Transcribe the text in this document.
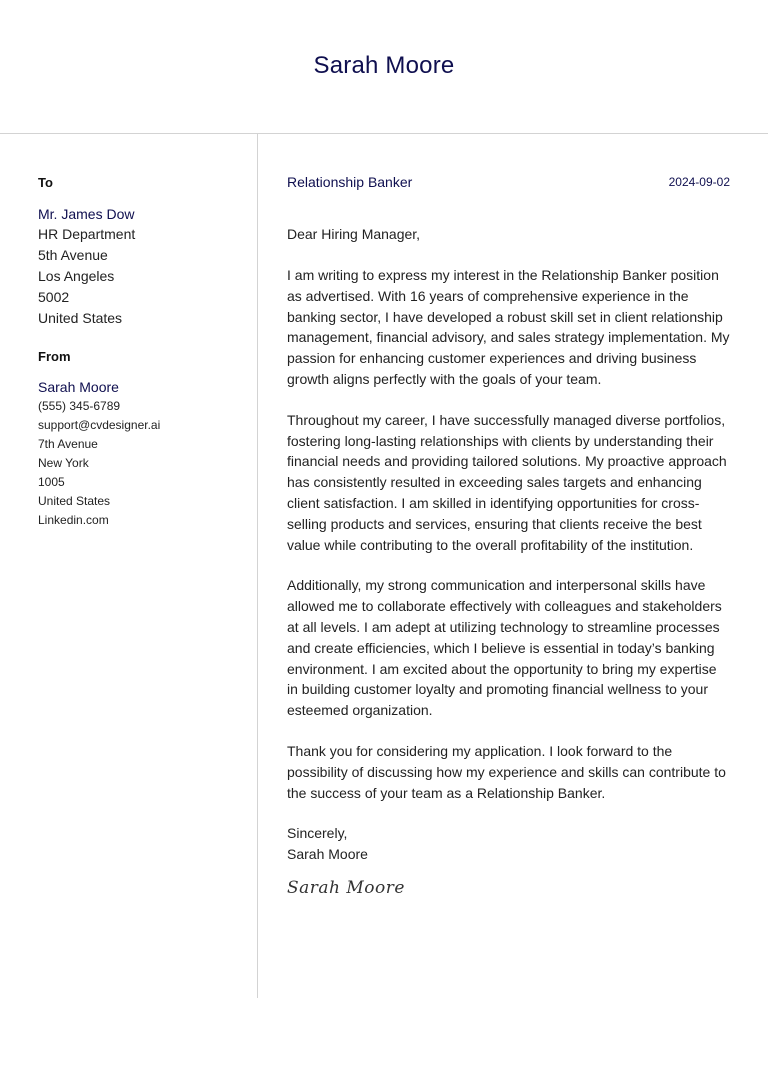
Sarah Moore
To
Mr. James Dow
HR Department
5th Avenue
Los Angeles
5002
United States
From
Sarah Moore
(555) 345-6789
support@cvdesigner.ai
7th Avenue
New York
1005
United States
Linkedin.com
Relationship Banker	2024-09-02
Dear Hiring Manager,
I am writing to express my interest in the Relationship Banker position as advertised. With 16 years of comprehensive experience in the banking sector, I have developed a robust skill set in client relationship management, financial advisory, and sales strategy implementation. My passion for enhancing customer experiences and driving business growth aligns perfectly with the goals of your team.
Throughout my career, I have successfully managed diverse portfolios, fostering long-lasting relationships with clients by understanding their financial needs and providing tailored solutions. My proactive approach has consistently resulted in exceeding sales targets and enhancing client satisfaction. I am skilled in identifying opportunities for cross-selling products and services, ensuring that clients receive the best value while contributing to the overall profitability of the institution.
Additionally, my strong communication and interpersonal skills have allowed me to collaborate effectively with colleagues and stakeholders at all levels. I am adept at utilizing technology to streamline processes and create efficiencies, which I believe is essential in today’s banking environment. I am excited about the opportunity to bring my expertise in building customer loyalty and promoting financial wellness to your esteemed organization.
Thank you for considering my application. I look forward to the possibility of discussing how my experience and skills can contribute to the success of your team as a Relationship Banker.
Sincerely,
Sarah Moore
Sarah Moore
